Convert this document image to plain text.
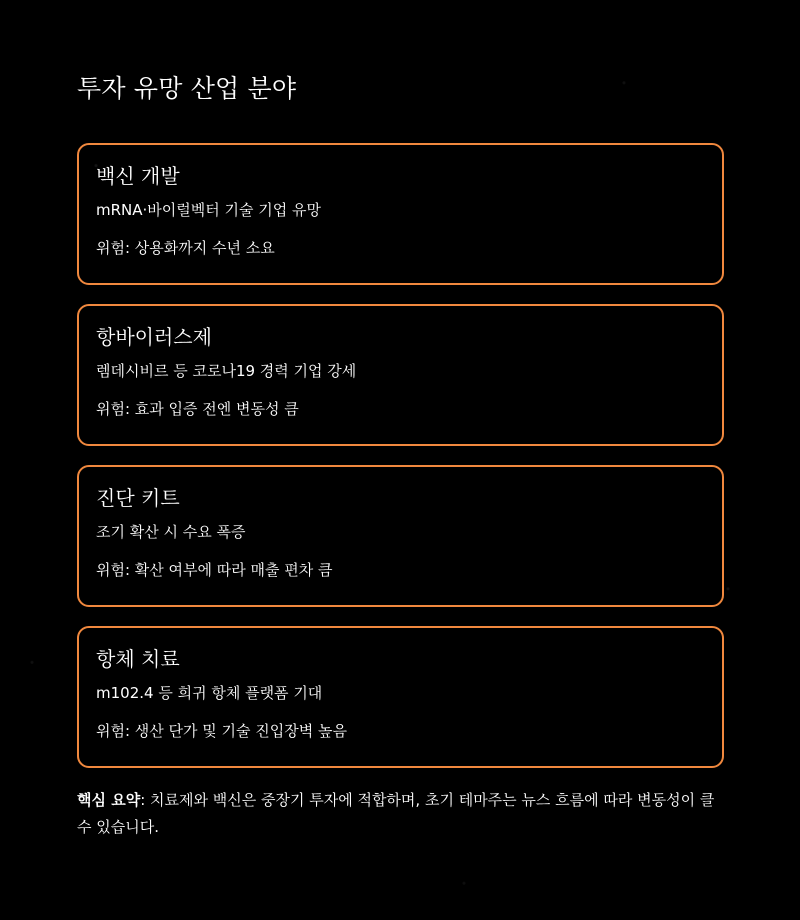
투자 유망 산업 분야
백신 개발
mRNA·바이럴벡터 기술 기업 유망
위험: 상용화까지 수년 소요
항바이러스제
렘데시비르 등 코로나19 경력 기업 강세
위험: 효과 입증 전엔 변동성 큼
진단 키트
조기 확산 시 수요 폭증
위험: 확산 여부에 따라 매출 편차 큼
항체 치료
m102.4 등 희귀 항체 플랫폼 기대
위험: 생산 단가 및 기술 진입장벽 높음

핵심 요약: 치료제와 백신은 중장기 투자에 적합하며, 초기 테마주는 뉴스 흐름에 따라 변동성이 클 수 있습니다.
